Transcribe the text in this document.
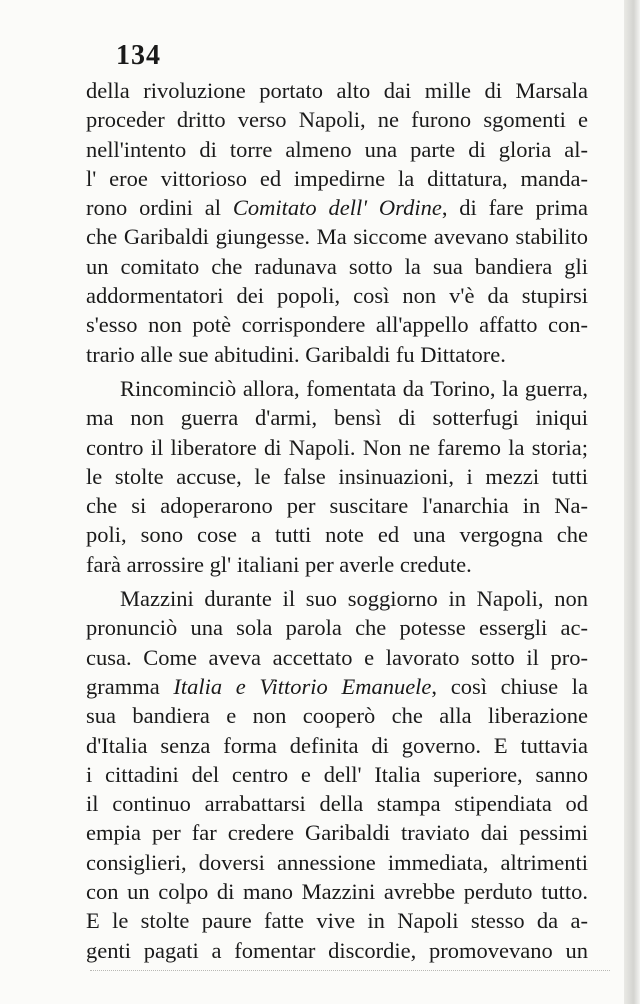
134
della rivoluzione portato alto dai mille di Marsala
proceder dritto verso Napoli, ne furono sgomenti e
nell'intento di torre almeno una parte di gloria al-
l' eroe vittorioso ed impedirne la dittatura, manda-
rono ordini al Comitato dell' Ordine, di fare prima
che Garibaldi giungesse. Ma siccome avevano stabilito
un comitato che radunava sotto la sua bandiera gli
addormentatori dei popoli, così non v'è da stupirsi
s'esso non potè corrispondere all'appello affatto con-
trario alle sue abitudini. Garibaldi fu Dittatore.
Rincominciò allora, fomentata da Torino, la guerra,
ma non guerra d'armi, bensì di sotterfugi iniqui
contro il liberatore di Napoli. Non ne faremo la storia;
le stolte accuse, le false insinuazioni, i mezzi tutti
che si adoperarono per suscitare l'anarchia in Na-
poli, sono cose a tutti note ed una vergogna che
farà arrossire gl' italiani per averle credute.
Mazzini durante il suo soggiorno in Napoli, non
pronunciò una sola parola che potesse essergli ac-
cusa. Come aveva accettato e lavorato sotto il pro-
gramma Italia e Vittorio Emanuele, così chiuse la
sua bandiera e non cooperò che alla liberazione
d'Italia senza forma definita di governo. E tuttavia
i cittadini del centro e dell' Italia superiore, sanno
il continuo arrabattarsi della stampa stipendiata od
empia per far credere Garibaldi traviato dai pessimi
consiglieri, doversi annessione immediata, altrimenti
con un colpo di mano Mazzini avrebbe perduto tutto.
E le stolte paure fatte vive in Napoli stesso da a-
genti pagati a fomentar discordie, promovevano un
